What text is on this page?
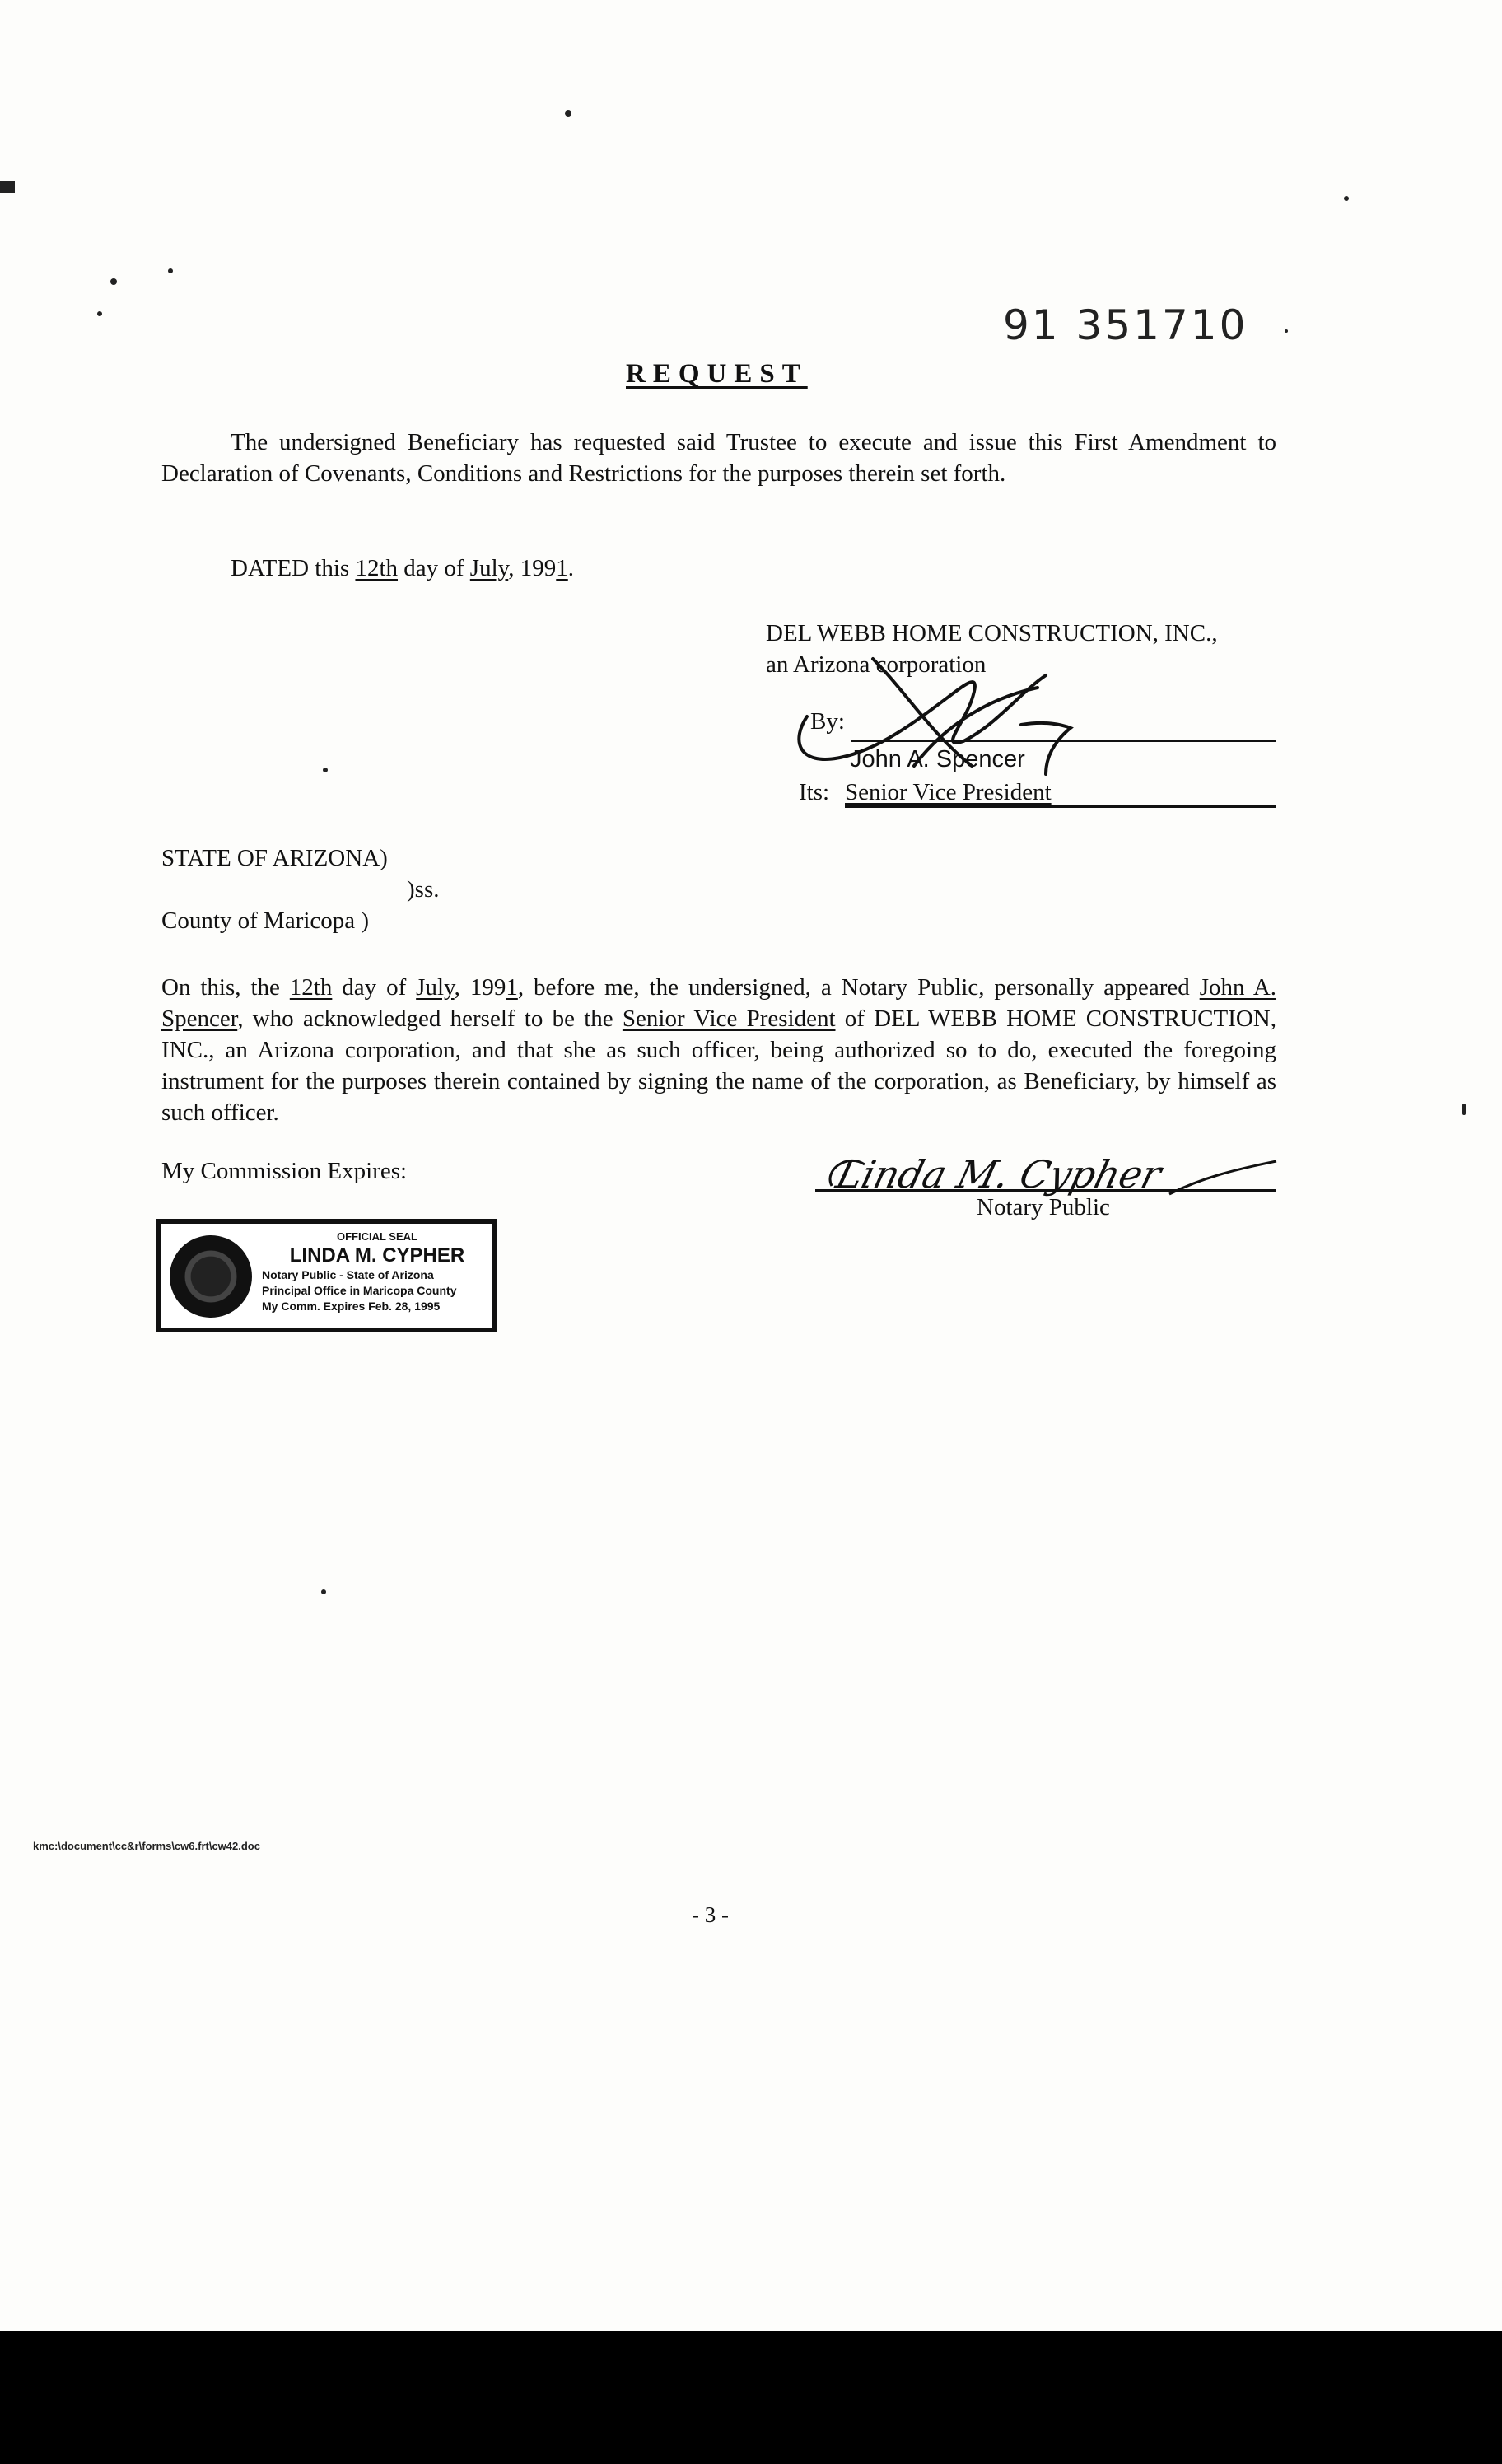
91 351710
REQUEST
The undersigned Beneficiary has requested said Trustee to execute and issue this First Amendment to Declaration of Covenants, Conditions and Restrictions for the purposes therein set forth.
DATED this 12th day of July, 1991.
DEL WEBB HOME CONSTRUCTION, INC.,
an Arizona corporation
By:
John A. Spencer
Its: Senior Vice President
STATE OF ARIZONA)
)ss.
County of Maricopa )
On this, the 12th day of July, 1991, before me, the undersigned, a Notary Public, personally appeared John A. Spencer, who acknowledged herself to be the Senior Vice President of DEL WEBB HOME CONSTRUCTION, INC., an Arizona corporation, and that she as such officer, being authorized so to do, executed the foregoing instrument for the purposes therein contained by signing the name of the corporation, as Beneficiary, by himself as such officer.
My Commission Expires:	Linda M. Cypher
Notary Public
OFFICIAL SEAL
LINDA M. CYPHER
Notary Public - State of Arizona
Principal Office in Maricopa County
My Comm. Expires Feb. 28, 1995
kmc:\document\cc&r\forms\cw6.frt\cw42.doc
- 3 -
